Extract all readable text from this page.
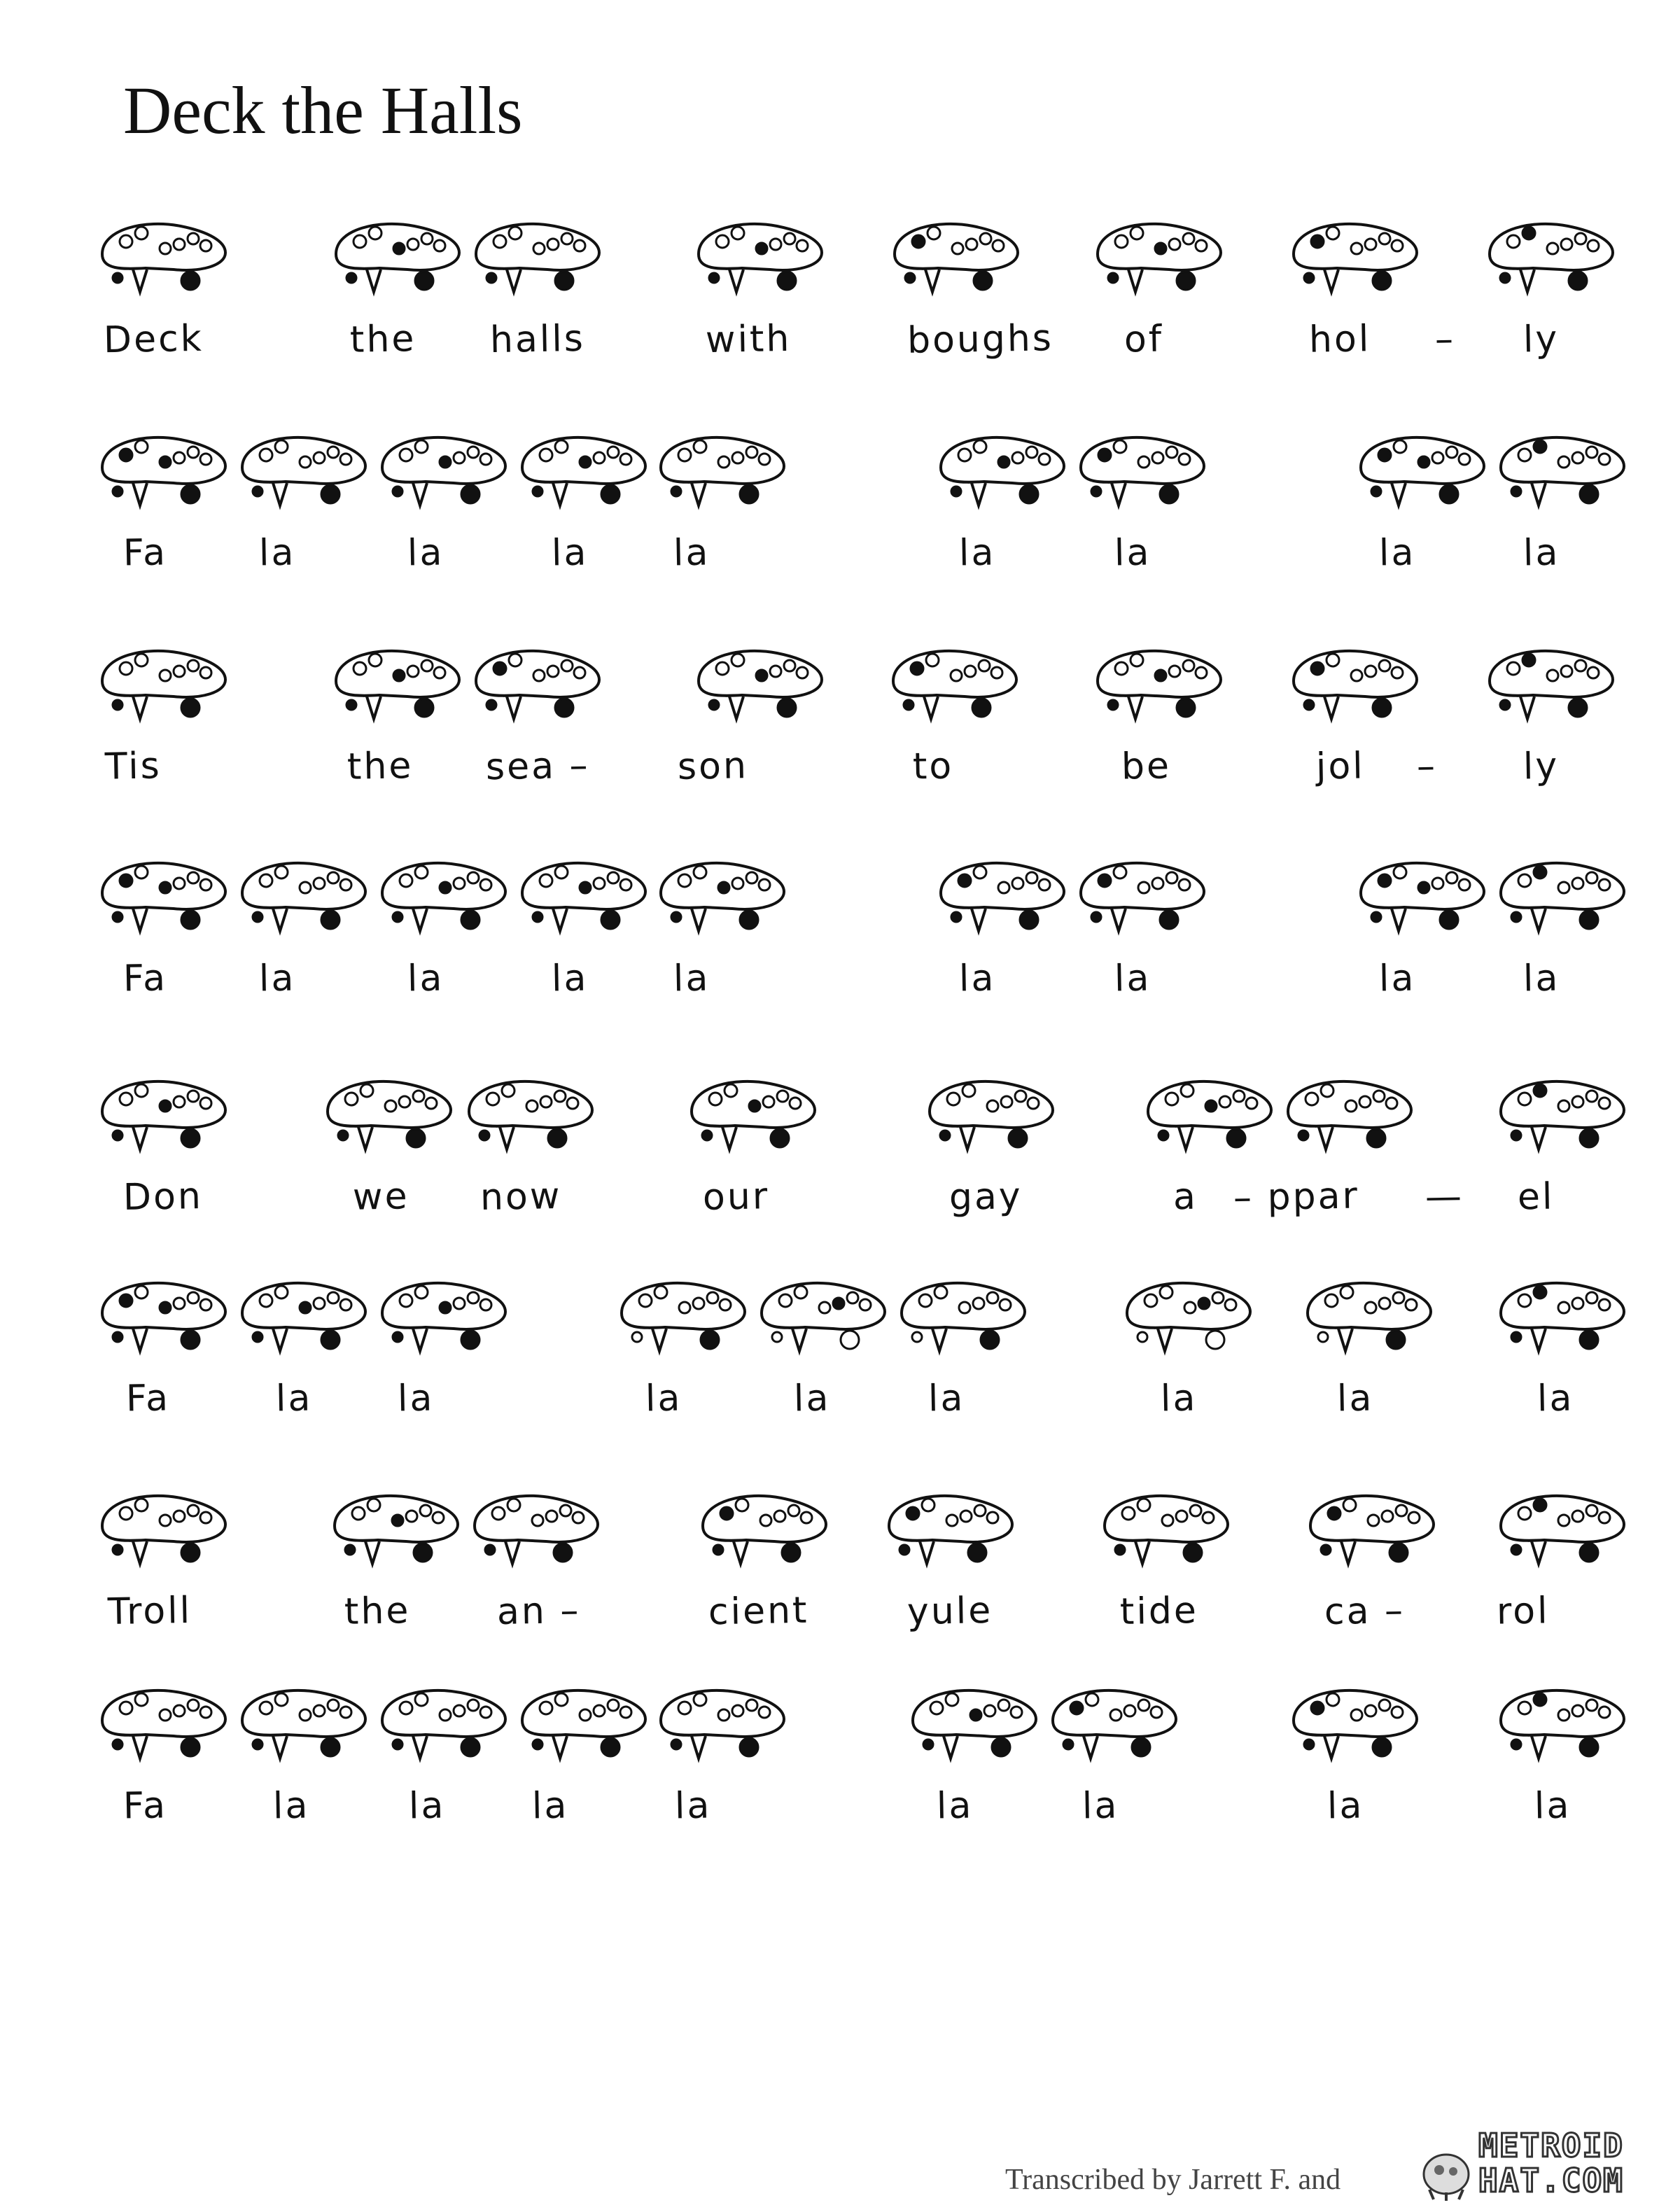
Deck the Halls
Deck	the halls	with	boughs of	hol – ly
Fa la	la	la la	la	la	la	la
Tis	the sea – son	to	be	jol – ly
Fa la	la	la la	la	la	la	la
Don	we now	our	gay	a – ppar — el
Fa	la la	la	la	la	la	la	la
Troll	the an –	cient	yule	tide	ca – rol
Fa	la	la la	la	la	la	la	la
Transcribed by Jarrett F. and
METROID
HAT.COM
